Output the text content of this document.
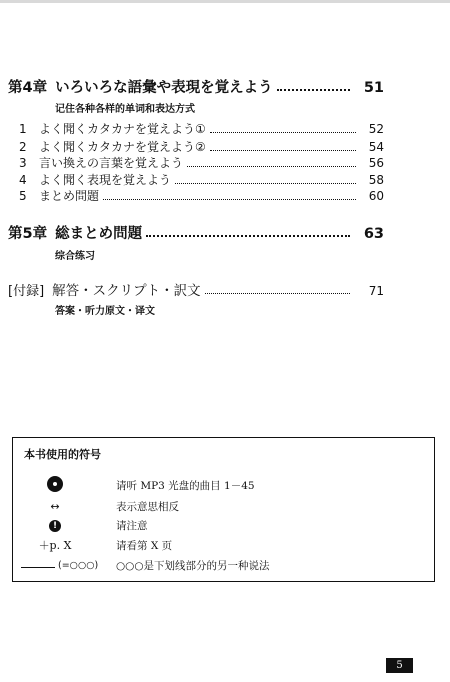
第4章 いろいろな語彙や表現を覚えよう	51
记住各种各样的单词和表达方式
1	よく聞くカタカナを覚えよう①	52
2	よく聞くカタカナを覚えよう②	54
3	言い換えの言葉を覚えよう	56
4	よく聞く表現を覚えよう	58
5	まとめ問題	60
第5章 総まとめ問題	63
综合练习
[付録] 解答・スクリプト・訳文	71
答案・听力原文・译文
本书使用的符号
请听 MP3 光盘的曲目 1－45
↔	表示意思相反
!	请注意
＋p. X	请看第 X 页
(=○○○)	○○○是下划线部分的另一种说法
5
